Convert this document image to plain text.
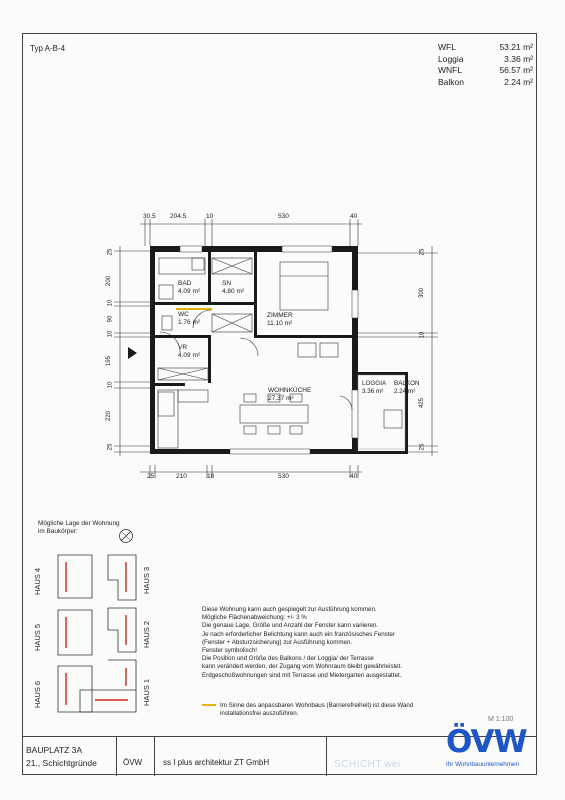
Typ A-B-4	WFL	53.21 m²
Loggia	3.36 m²
WNFL	56.57 m²
Balkon	2.24 m²
30.5 204.5	10	530	40
25	210	10	530	40
25
200
10
90
10
195
10
220
25
25
300
10
425
25
BAD
4.09 m²
SN
4.80 m²
WC
1.76 m²
VR
4.09 m²
ZIMMER
11.10 m²
WOHNKÜCHE
27.37 m²
LOGGIA
3.36 m²
BALKON
2.24 m²
Mögliche Lage der Wohnung
im Baukörper:
HAUS 4	HAUS 3
HAUS 5	HAUS 2
HAUS 6	HAUS 1
Diese Wohnung kann auch gespiegelt zur Ausführung kommen.
Mögliche Flächenabweichung: +/- 3 %
Die genaue Lage, Größe und Anzahl der Fenster kann variieren.
Je nach erforderlicher Belichtung kann auch ein französisches Fenster
(Fenster + Absturzsicherung) zur Ausführung kommen.
Fenster symbolisch!
Die Position und Größe des Balkons / der Loggia/ der Terrasse
kann verändert werden, der Zugang vom Wohnraum bleibt gewährleistet.
Erdgeschoßwohnungen sind mit Terrasse und Mietergarten ausgestattet.
Im Sinne des anpassbaren Wohnbaus (Barrierefreiheit) ist diese Wand
installationsfrei auszuführen.
M 1:100
BAUPLATZ 3A
21., Schichtgründe	ÖVW	ss I plus architektur ZT GmbH	SCHICHT.wei
ÖVW
Ihr Wohnbauunternehmen
